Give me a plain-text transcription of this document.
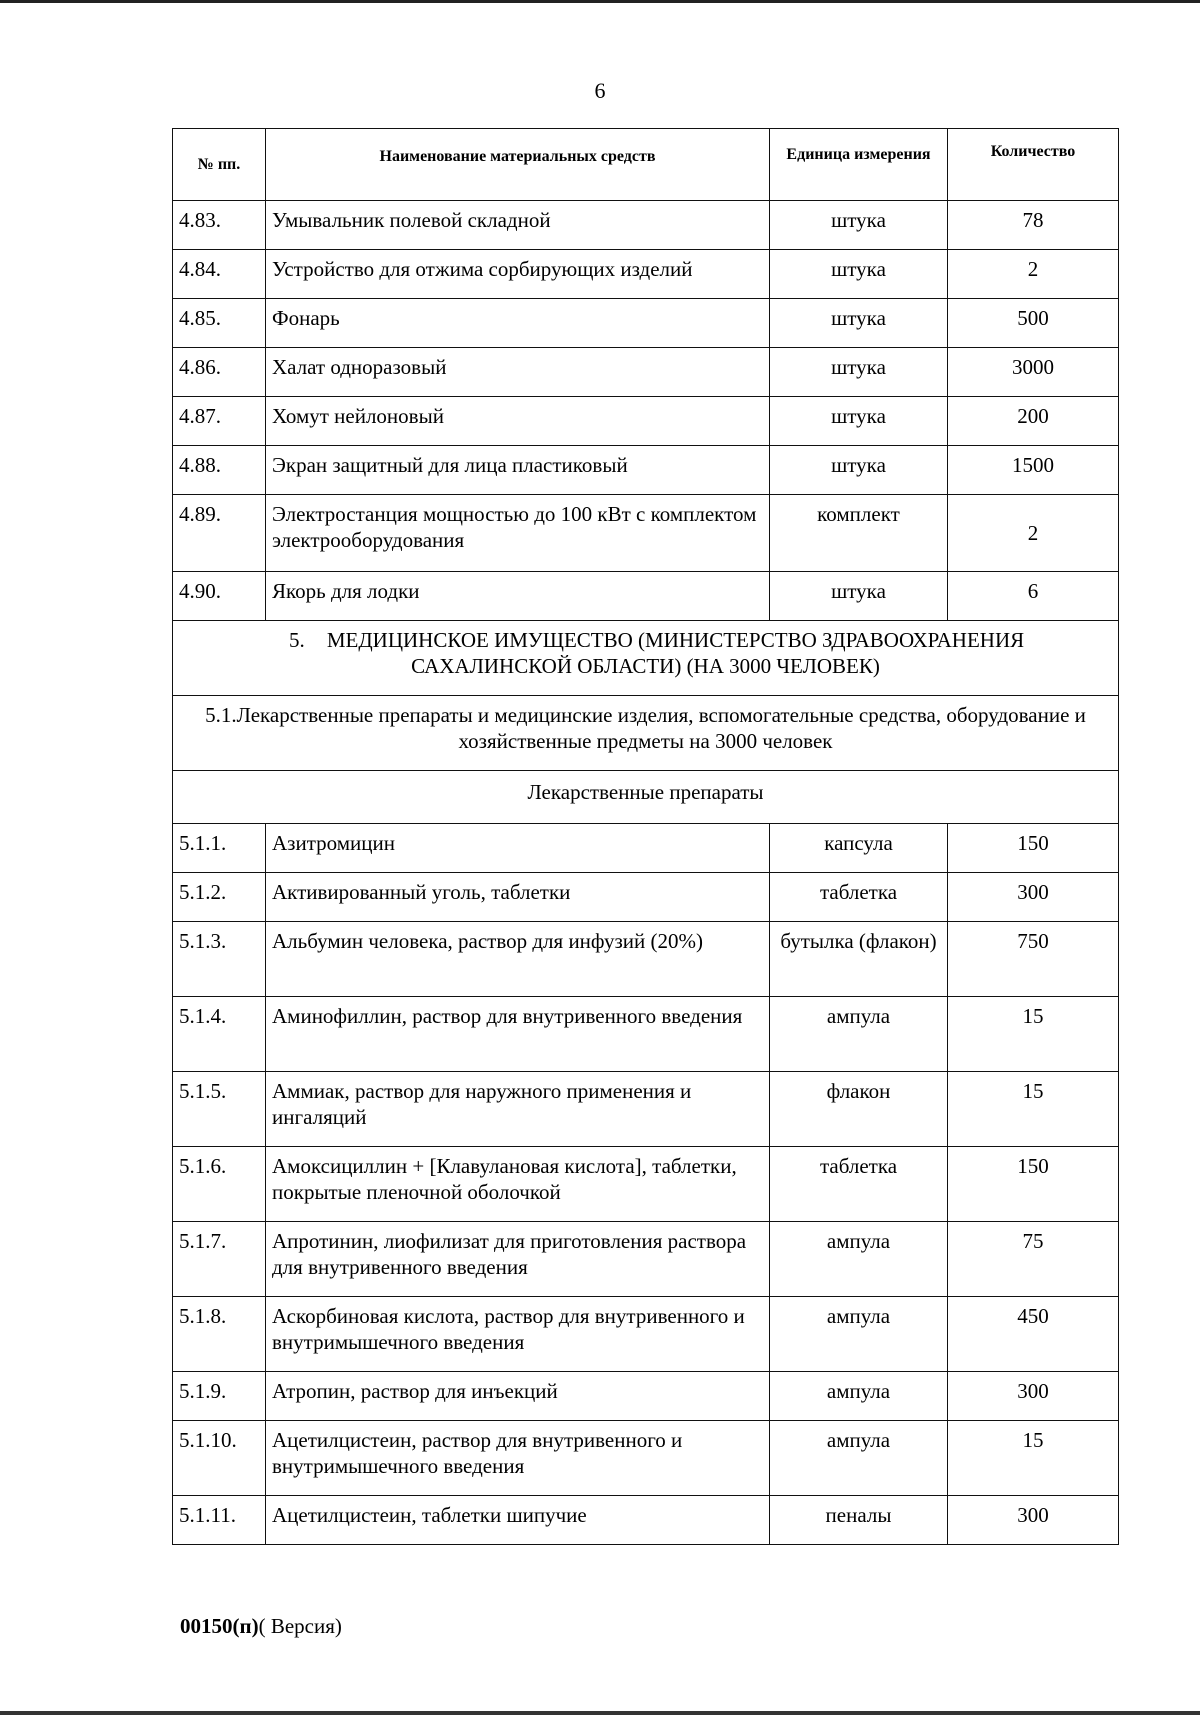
6
№ пп.	Наименование материальных средств	Единица измерения	Количество
4.83.	Умывальник полевой складной	штука	78
4.84.	Устройство для отжима сорбирующих изделий	штука	2
4.85.	Фонарь	штука	500
4.86.	Халат одноразовый	штука	3000
4.87.	Хомут нейлоновый	штука	200
4.88.	Экран защитный для лица пластиковый	штука	1500
4.89.	Электростанция мощностью до 100 кВт с комплектом электрооборудования	комплект	2
4.90.	Якорь для лодки	штука	6
5. МЕДИЦИНСКОЕ ИМУЩЕСТВО (МИНИСТЕРСТВО ЗДРАВООХРАНЕНИЯ САХАЛИНСКОЙ ОБЛАСТИ) (НА 3000 ЧЕЛОВЕК)			
5.1.Лекарственные препараты и медицинские изделия, вспомогательные средства, оборудование и хозяйственные предметы на 3000 человек			
Лекарственные препараты			
5.1.1.	Азитромицин	капсула	150
5.1.2.	Активированный уголь, таблетки	таблетка	300
5.1.3.	Альбумин человека, раствор для инфузий (20%)	бутылка (флакон)	750
5.1.4.	Аминофиллин, раствор для внутривенного введения	ампула	15
5.1.5.	Аммиак, раствор для наружного применения и ингаляций	флакон	15
5.1.6.	Амоксициллин + [Клавулановая кислота], таблетки, покрытые пленочной оболочкой	таблетка	150
5.1.7.	Апротинин, лиофилизат для приготовления раствора для внутривенного введения	ампула	75
5.1.8.	Аскорбиновая кислота, раствор для внутривенного и внутримышечного введения	ампула	450
5.1.9.	Атропин, раствор для инъекций	ампула	300
5.1.10.	Ацетилцистеин, раствор для внутривенного и внутримышечного введения	ампула	15
5.1.11.	Ацетилцистеин, таблетки шипучие	пеналы	300
00150(п)( Версия)
